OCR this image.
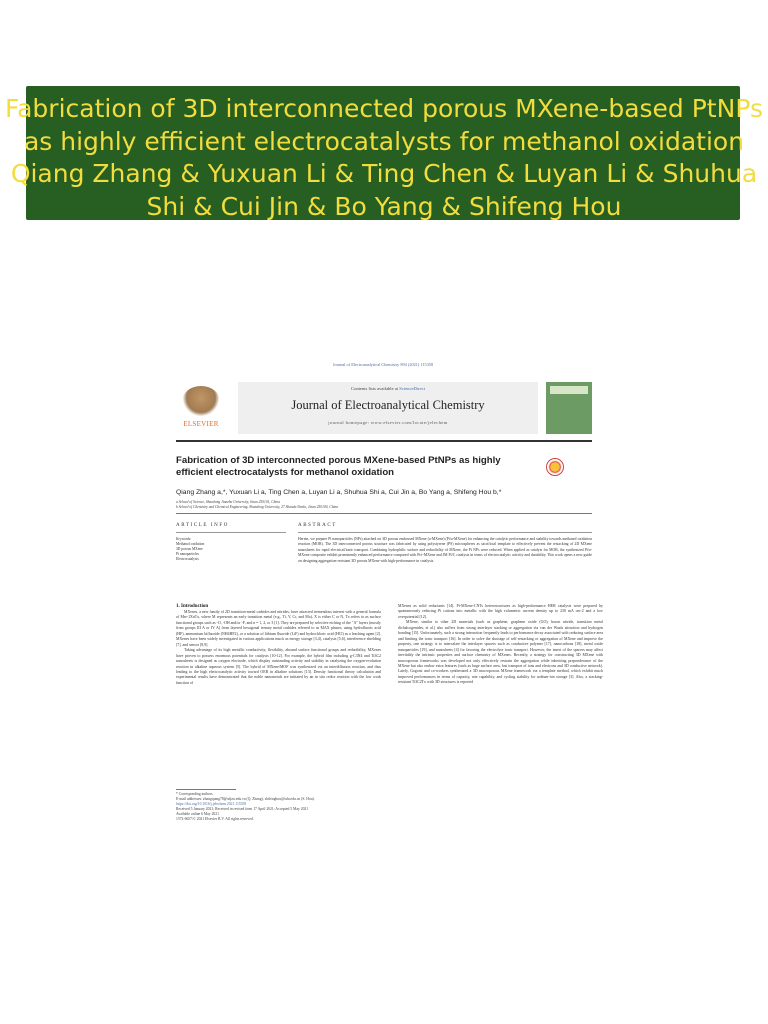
Fabrication of 3D interconnected porous MXene-based PtNPs as highly efficient electrocatalysts for methanol oxidation Qiang Zhang & Yuxuan Li & Ting Chen & Luyan Li & Shuhua Shi & Cui Jin & Bo Yang & Shifeng Hou

Journal of Electroanalytical Chemistry 894 (2021) 115358
ELSEVIER
Contents lists available at ScienceDirect
Journal of Electroanalytical Chemistry
journal homepage: www.elsevier.com/locate/jelechem
Fabrication of 3D interconnected porous MXene-based PtNPs as highly efficient electrocatalysts for methanol oxidation
Qiang Zhang a,*, Yuxuan Li a, Ting Chen a, Luyan Li a, Shuhua Shi a, Cui Jin a, Bo Yang a, Shifeng Hou b,*
a School of Science, Shandong Jianzhu University, Jinan 250101, China
b School of Chemistry and Chemical Engineering, Shandong University, 27 Shanda Nanlu, Jinan 250100, China
ARTICLE INFO	ABSTRACT
Keywords:
Methanol oxidation
3D porous MXene
Pt nanoparticles
Electrocatalysis
Herein, we prepare Pt nanoparticles (NPs) attached on 3D porous embossed MXene (a-MXene) (Pt/a-MXene) for enhancing the catalytic performance and stability towards methanol oxidation reaction (MOR). The 3D interconnected porous structure was fabricated by using polystyrene (PS) microspheres as sacrificial template to effectively prevent the restacking of 2D MXene nanosheets for rapid electrical/ionic transport. Combining hydrophilic surface and reducibility of MXene, the Pt NPs were reduced. When applied as catalyst for MOR, the synthesized Pt/a-MXene composite exhibit prominently enhanced performance compared with Pt/r-MXene and JM Pt/C catalysts in terms of electrocatalytic activity and durability. This work opens a new guide on designing aggregation-resistant 3D porous MXene with high-performance in catalysis.
1. Introduction

MXenes, a new family of 2D transition-metal carbides and nitrides, have attracted tremendous interest with a general formula of Mn+1XnTx, where M represents an early transition metal (e.g., Ti, V, Cr, and Mo), X is either C or N, Tx refers to as surface functional groups such as -O, -OH and/or -F, and n = 1, 2, or 3 [1]. They are prepared by selective etching of the "A" layers (mostly from groups III A or IV A) from layered hexagonal ternary metal carbides referred to as MAX phases, using hydrofluoric acid (HF), ammonium bifluoride (NH4HF2), or a solution of lithium fluoride (LiF) and hydrochloric acid (HCl) as a leaching agent [2]. MXenes have been widely investigated in various applications much as energy storage [3,4], catalysis [5,6], interference shielding [7], and sensor [8,9].

Taking advantage of its high metallic conductivity, flexibility, abound surface functional groups and reducibility, MXenes have proven to possess enormous potentials for catalysis [10-12]. For example, the hybrid film including g-C3N4 and Ti3C2 nanosheets is designed as oxygen electrode, which display outstanding activity and stability in catalyzing the oxygen-evolution reaction in alkaline aqueous system [5]. The hybrid of MXene/MOF was synthesized via an interdiffusion reaction, and thus leading to the high electrocatalytic activity toward OER in alkaline solutions [13]. Density functional theory calculation and experimental results have demonstrated that the noble nanometals are initiated by an in situ redox reaction with the low work function of

MXenes as solid reductants [14]. Pt-MXene-CNTs heterostructures as high-performance HER catalysts were prepared by spontaneously reducing Pt cations into metallic with the high volumetric current density up to 230 mA cm-2 and a low overpotential [12].

MXene, similar to other 2D materials (such as graphene, graphene oxide (GO), boron nitride, transition metal dichalcogenides, et al.) also suffers from strong interlayer stacking or aggregation via van der Waals attraction and hydrogen bonding [15]. Unfortunately, such a strong interaction frequently leads to performance decay associated with reducing surface area and limiting the ionic transport [16]. In order to solve the shortage of self-restacking or aggregation of MXene and improve the property, one strategy is to intercalate the interlayer spacers such as conductive polymer [17], nanocarbons [18], metal oxide nanoparticles [19], and nanosheets [4] for favoring the electrolyte ionic transport. However, the insert of the spacers may affect inevitably the intrinsic properties and surface chemistry of MXenes. Recently, a strategy for constructing 3D MXene with macroporous frameworks was developed not only effectively restrain the aggregation while inheriting preponderance of the MXene but also endow extra features (such as large surface area, fast transport of ions and electrons and 3D conductive network). Lately, Gogotsi and co-workers synthesized a 3D macroporous MXene framework via a template method, which exhibit much improved performances in terms of capacity, rate capability, and cycling stability for sodium-ion storage [3]. Also, a stacking-resistant Ti3C2Tx with 3D structures is reported

* Corresponding authors.
E-mail addresses: zhangqiang78@sdjzu.edu.cn (Q. Zhang), shifenghou@sdu.edu.cn (S. Hou).
https://doi.org/10.1016/j.jelechem.2021.115358
Received 5 January 2021; Received in revised form 17 April 2021; Accepted 5 May 2021
Available online 6 May 2021
1572-6657/© 2021 Elsevier B.V. All rights reserved.
